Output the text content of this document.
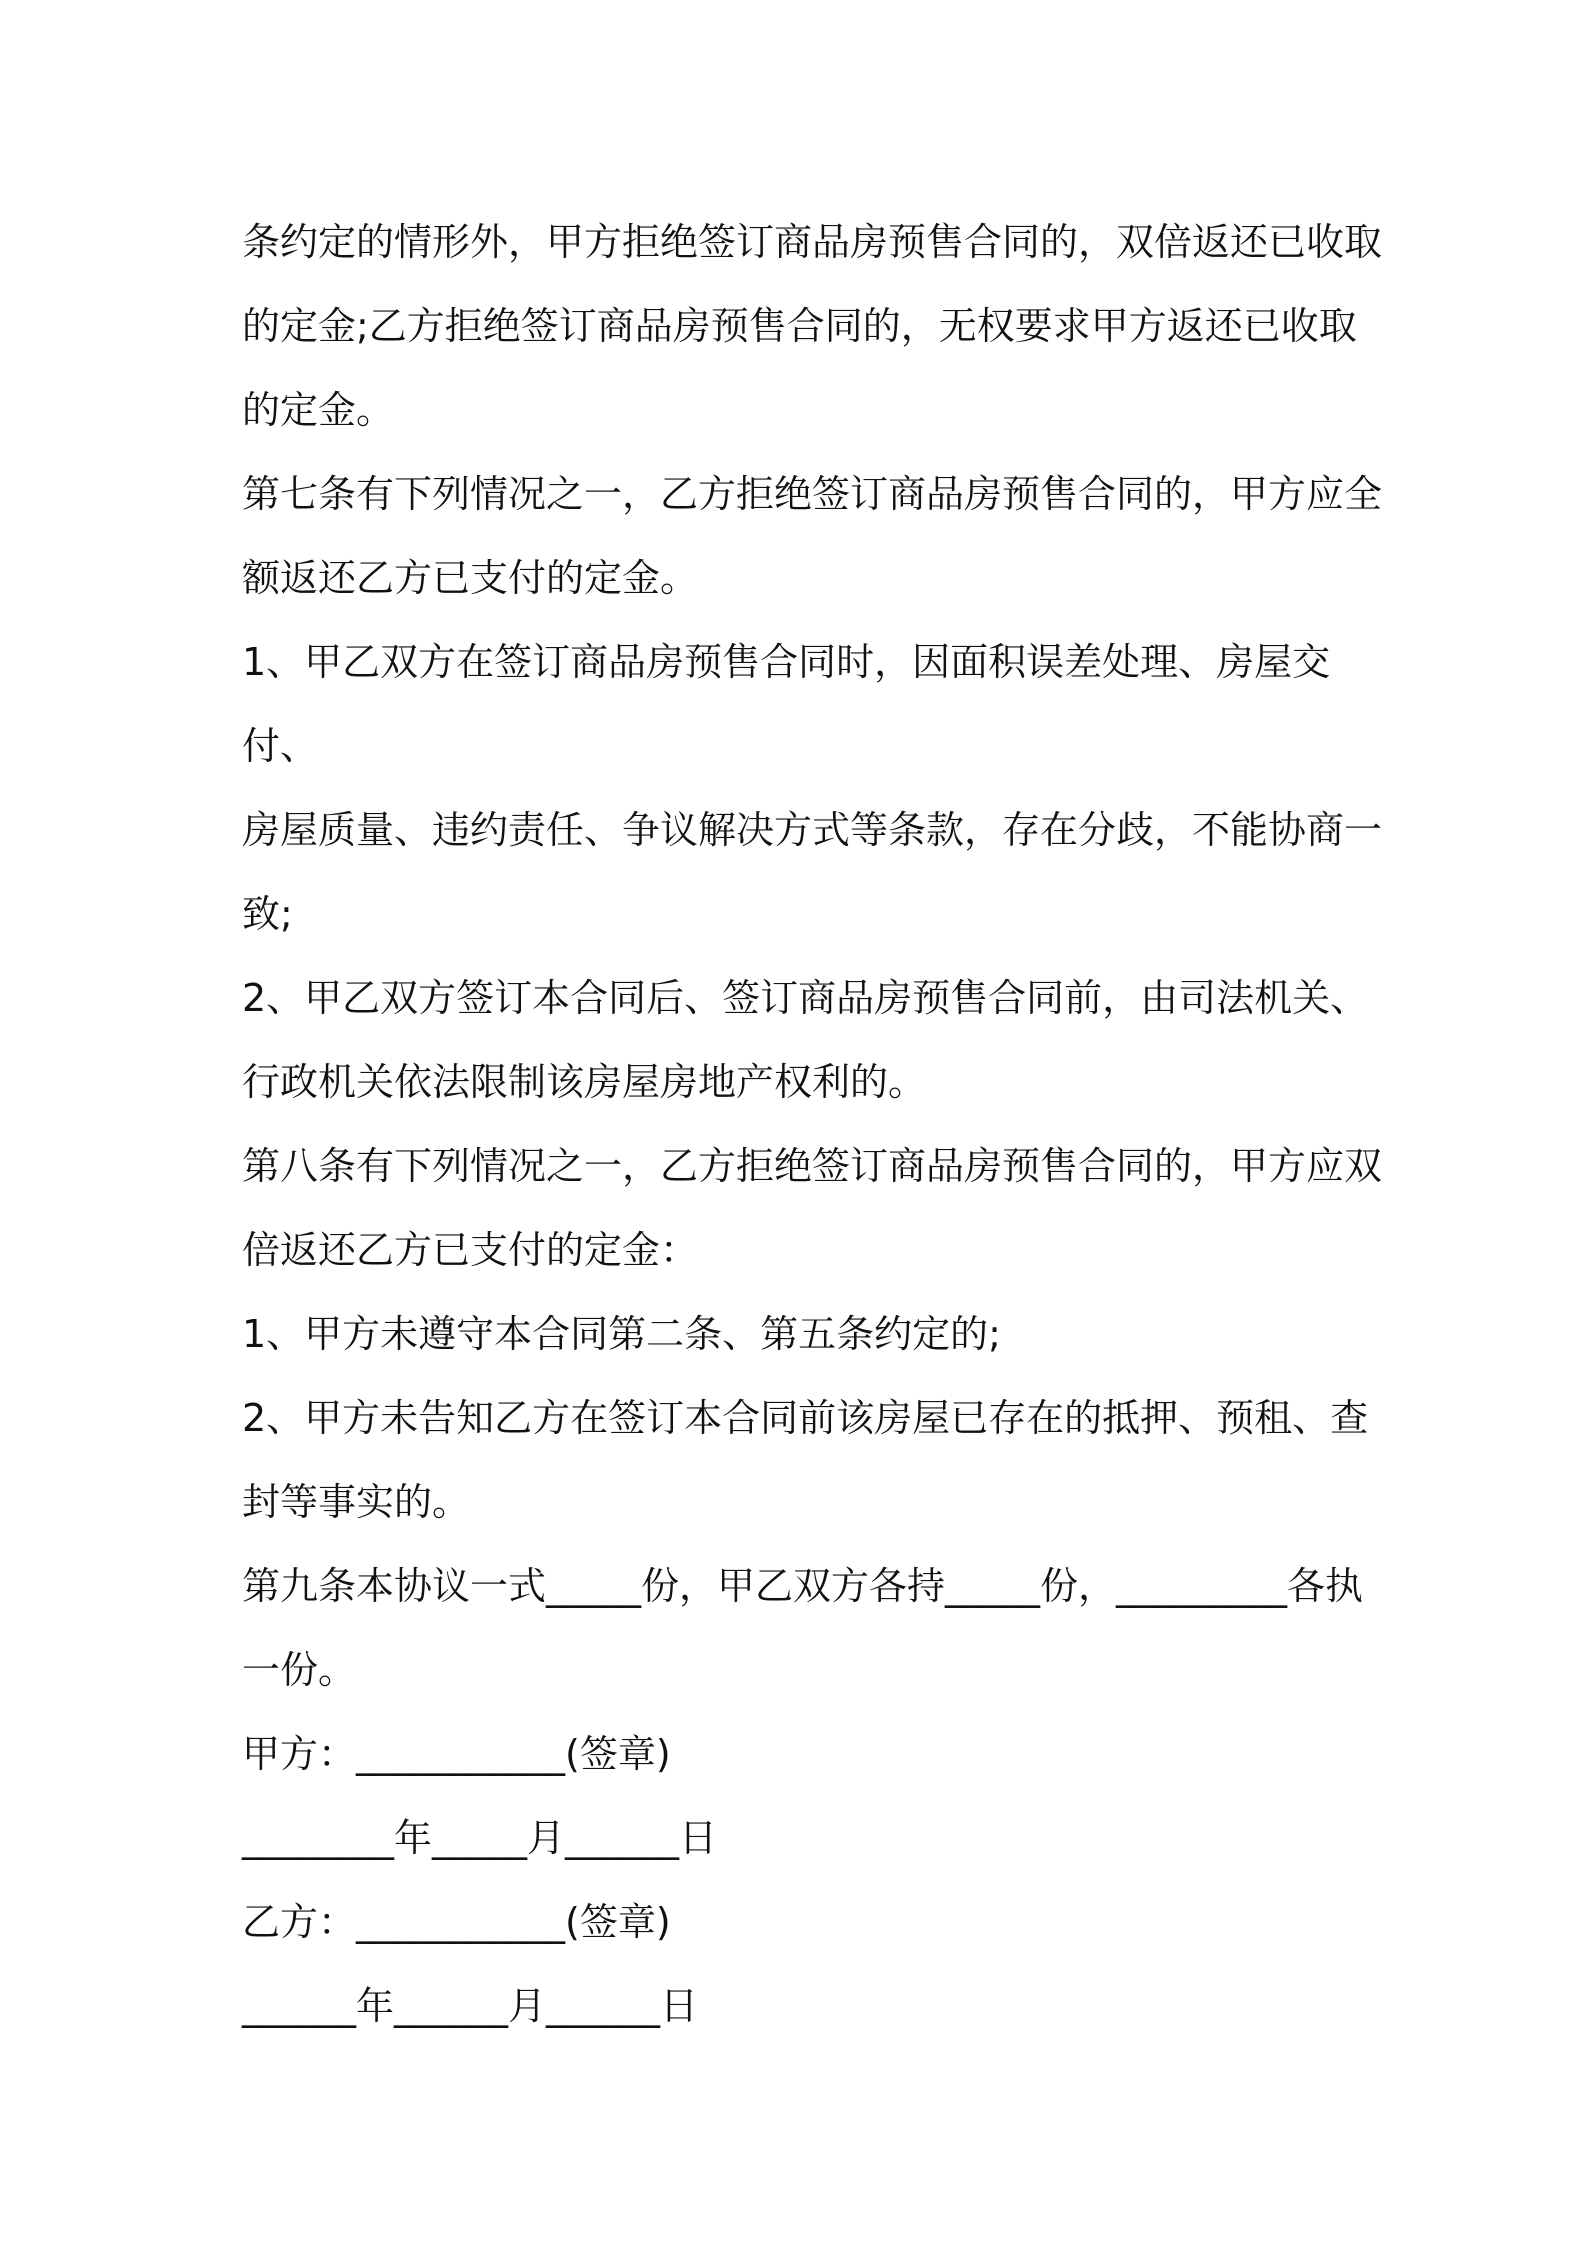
条约定的情形外，甲方拒绝签订商品房预售合同的，双倍返还已收取

的定金;乙方拒绝签订商品房预售合同的，无权要求甲方返还已收取

的定金。

第七条有下列情况之一，乙方拒绝签订商品房预售合同的，甲方应全

额返还乙方已支付的定金。

1、甲乙双方在签订商品房预售合同时，因面积误差处理、房屋交付、

房屋质量、违约责任、争议解决方式等条款，存在分歧，不能协商一

致;

2、甲乙双方签订本合同后、签订商品房预售合同前，由司法机关、

行政机关依法限制该房屋房地产权利的。

第八条有下列情况之一，乙方拒绝签订商品房预售合同的，甲方应双

倍返还乙方已支付的定金：

1、甲方未遵守本合同第二条、第五条约定的;

2、甲方未告知乙方在签订本合同前该房屋已存在的抵押、预租、查

封等事实的。

第九条本协议一式_____份，甲乙双方各持_____份，_________各执

一份。

甲方：___________(签章)

________年_____月______日

乙方：___________(签章)

______年______月______日
